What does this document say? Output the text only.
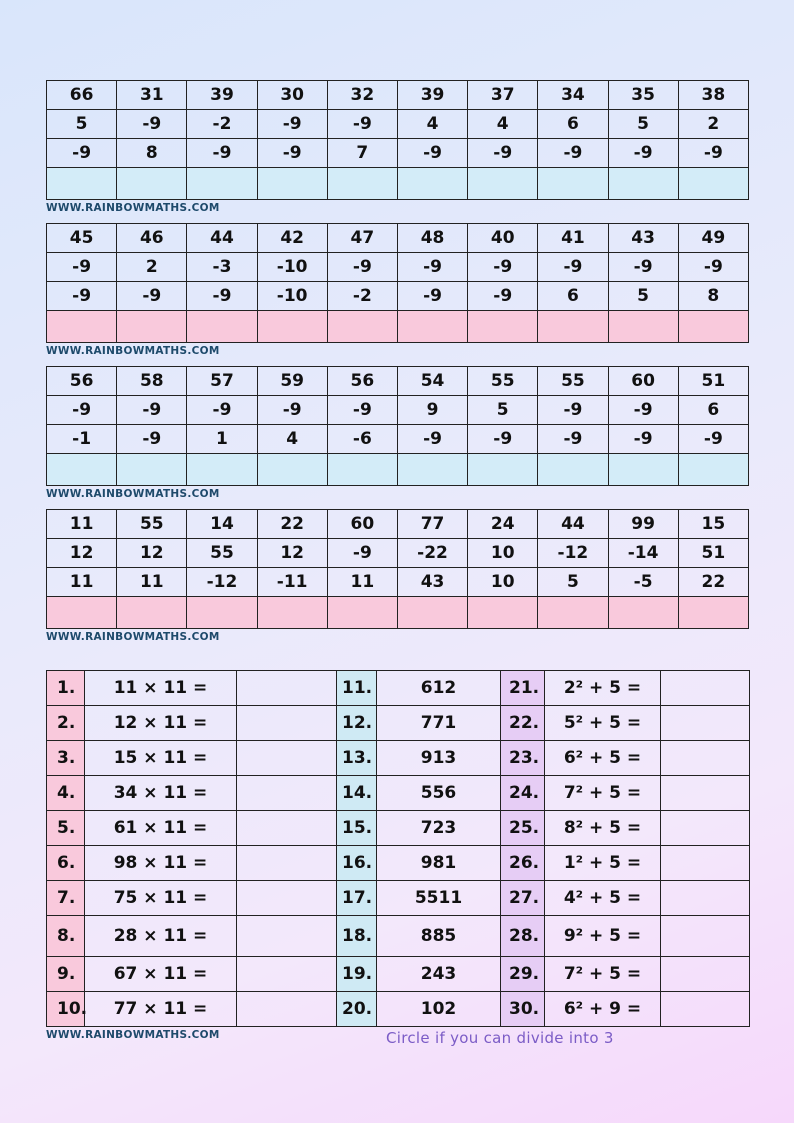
66	31	39	30	32	39	37	34	35	38
5	-9	-2	-9	-9	4	4	6	5	2
-9	8	-9	-9	7	-9	-9	-9	-9	-9

WWW.RAINBOWMATHS.COM
45	46	44	42	47	48	40	41	43	49
-9	2	-3	-10	-9	-9	-9	-9	-9	-9
-9	-9	-9	-10	-2	-9	-9	6	5	8

WWW.RAINBOWMATHS.COM
56	58	57	59	56	54	55	55	60	51
-9	-9	-9	-9	-9	9	5	-9	-9	6
-1	-9	1	4	-6	-9	-9	-9	-9	-9

WWW.RAINBOWMATHS.COM
11	55	14	22	60	77	24	44	99	15
12	12	55	12	-9	-22	10	-12	-14	51
11	11	-12	-11	11	43	10	5	-5	22

WWW.RAINBOWMATHS.COM
1.	11 × 11 =			11.	612	21.	2² + 5 =	
2.	12 × 11 =			12.	771	22.	5² + 5 =	
3.	15 × 11 =			13.	913	23.	6² + 5 =	
4.	34 × 11 =			14.	556	24.	7² + 5 =	
5.	61 × 11 =			15.	723	25.	8² + 5 =	
6.	98 × 11 =			16.	981	26.	1² + 5 =	
7.	75 × 11 =			17.	5511	27.	4² + 5 =	
8.	28 × 11 =			18.	885	28.	9² + 5 =	
9.	67 × 11 =			19.	243	29.	7² + 5 =	
10.	77 × 11 =			20.	102	30.	6² + 9 =	
WWW.RAINBOWMATHS.COM	Circle if you can divide into 3
